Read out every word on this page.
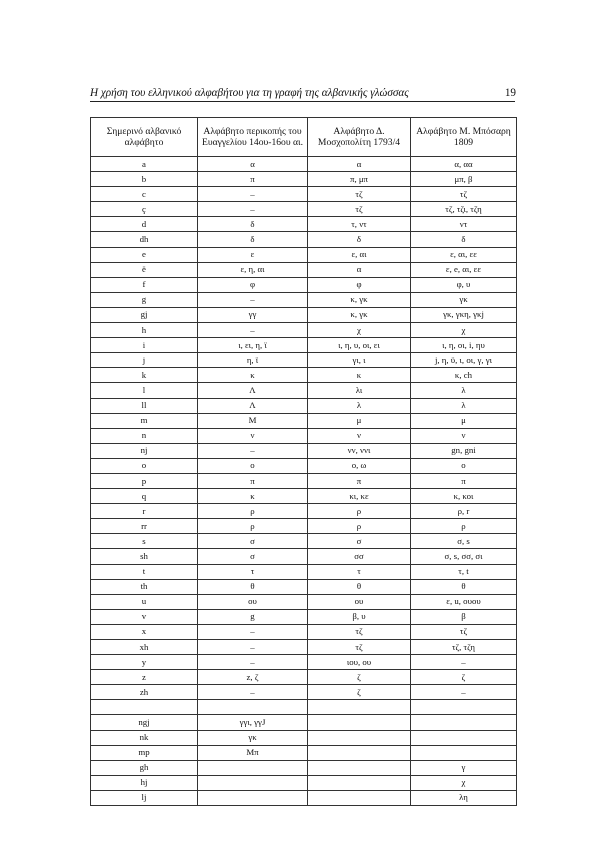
Η χρήση του ελληνικού αλφαβήτου για τη γραφή της αλβανικής γλώσσας	19
Σημερινό αλβανικό αλφάβητο	Αλφάβητο περικοπής του Ευαγγελίου 14ου-16ου αι.	Αλφάβητο Δ. Μοσχοπολίτη 1793/4	Αλφάβητο Μ. Μπόσαρη 1809
a	α	α	α, αα
b	π	π, μπ	μπ, β
c	–	τζ	τζ
ç	–	τζ	τζ, τζι, τζη
d	δ	τ, ντ	ντ
dh	δ	δ	δ
e	ε	ε, αι	ε, αι, εε
ë	ε, η, αι	α	ε, e, αι, εε
f	φ	φ	φ, υ
g	–	κ, γκ	γκ
gj	γγ	κ, γκ	γκ, γκη, γκj
h	–	χ	χ
i	ι, ει, η, ϊ	ι, η, υ, οι, ει	ι, η, οι, i, ηυ
j	η, ϊ	γι, ι	j, η, ϋ, ι, οι, γ, γι
k	κ	κ	κ, ch
l	Λ	λι	λ
ll	Λ	λ	λ
m	Μ	μ	μ
n	ν	ν	ν
nj	–	νν, ννι	gn, gni
o	ο	ο, ω	ο
p	π	π	π
q	κ	κι, κε	κ, κοι
r	ρ	ρ	ρ, r
rr	ρ	ρ	ρ
s	σ	σ	σ, s
sh	σ	σσ	σ, s, σσ, σι
t	τ	τ	τ, t
th	θ	θ	θ
u	ου	ου	ε, u, ουου
v	g	β, υ	β
x	–	τζ	τζ
xh	–	τζ	τζ, τζη
y	–	ιου, ου	–
z	z, ζ	ζ	ζ
zh	–	ζ	–

ngj	γγι, γγJ		
nk	γκ		
mp	Μπ		
gh			γ
hj			χ
lj			λη
